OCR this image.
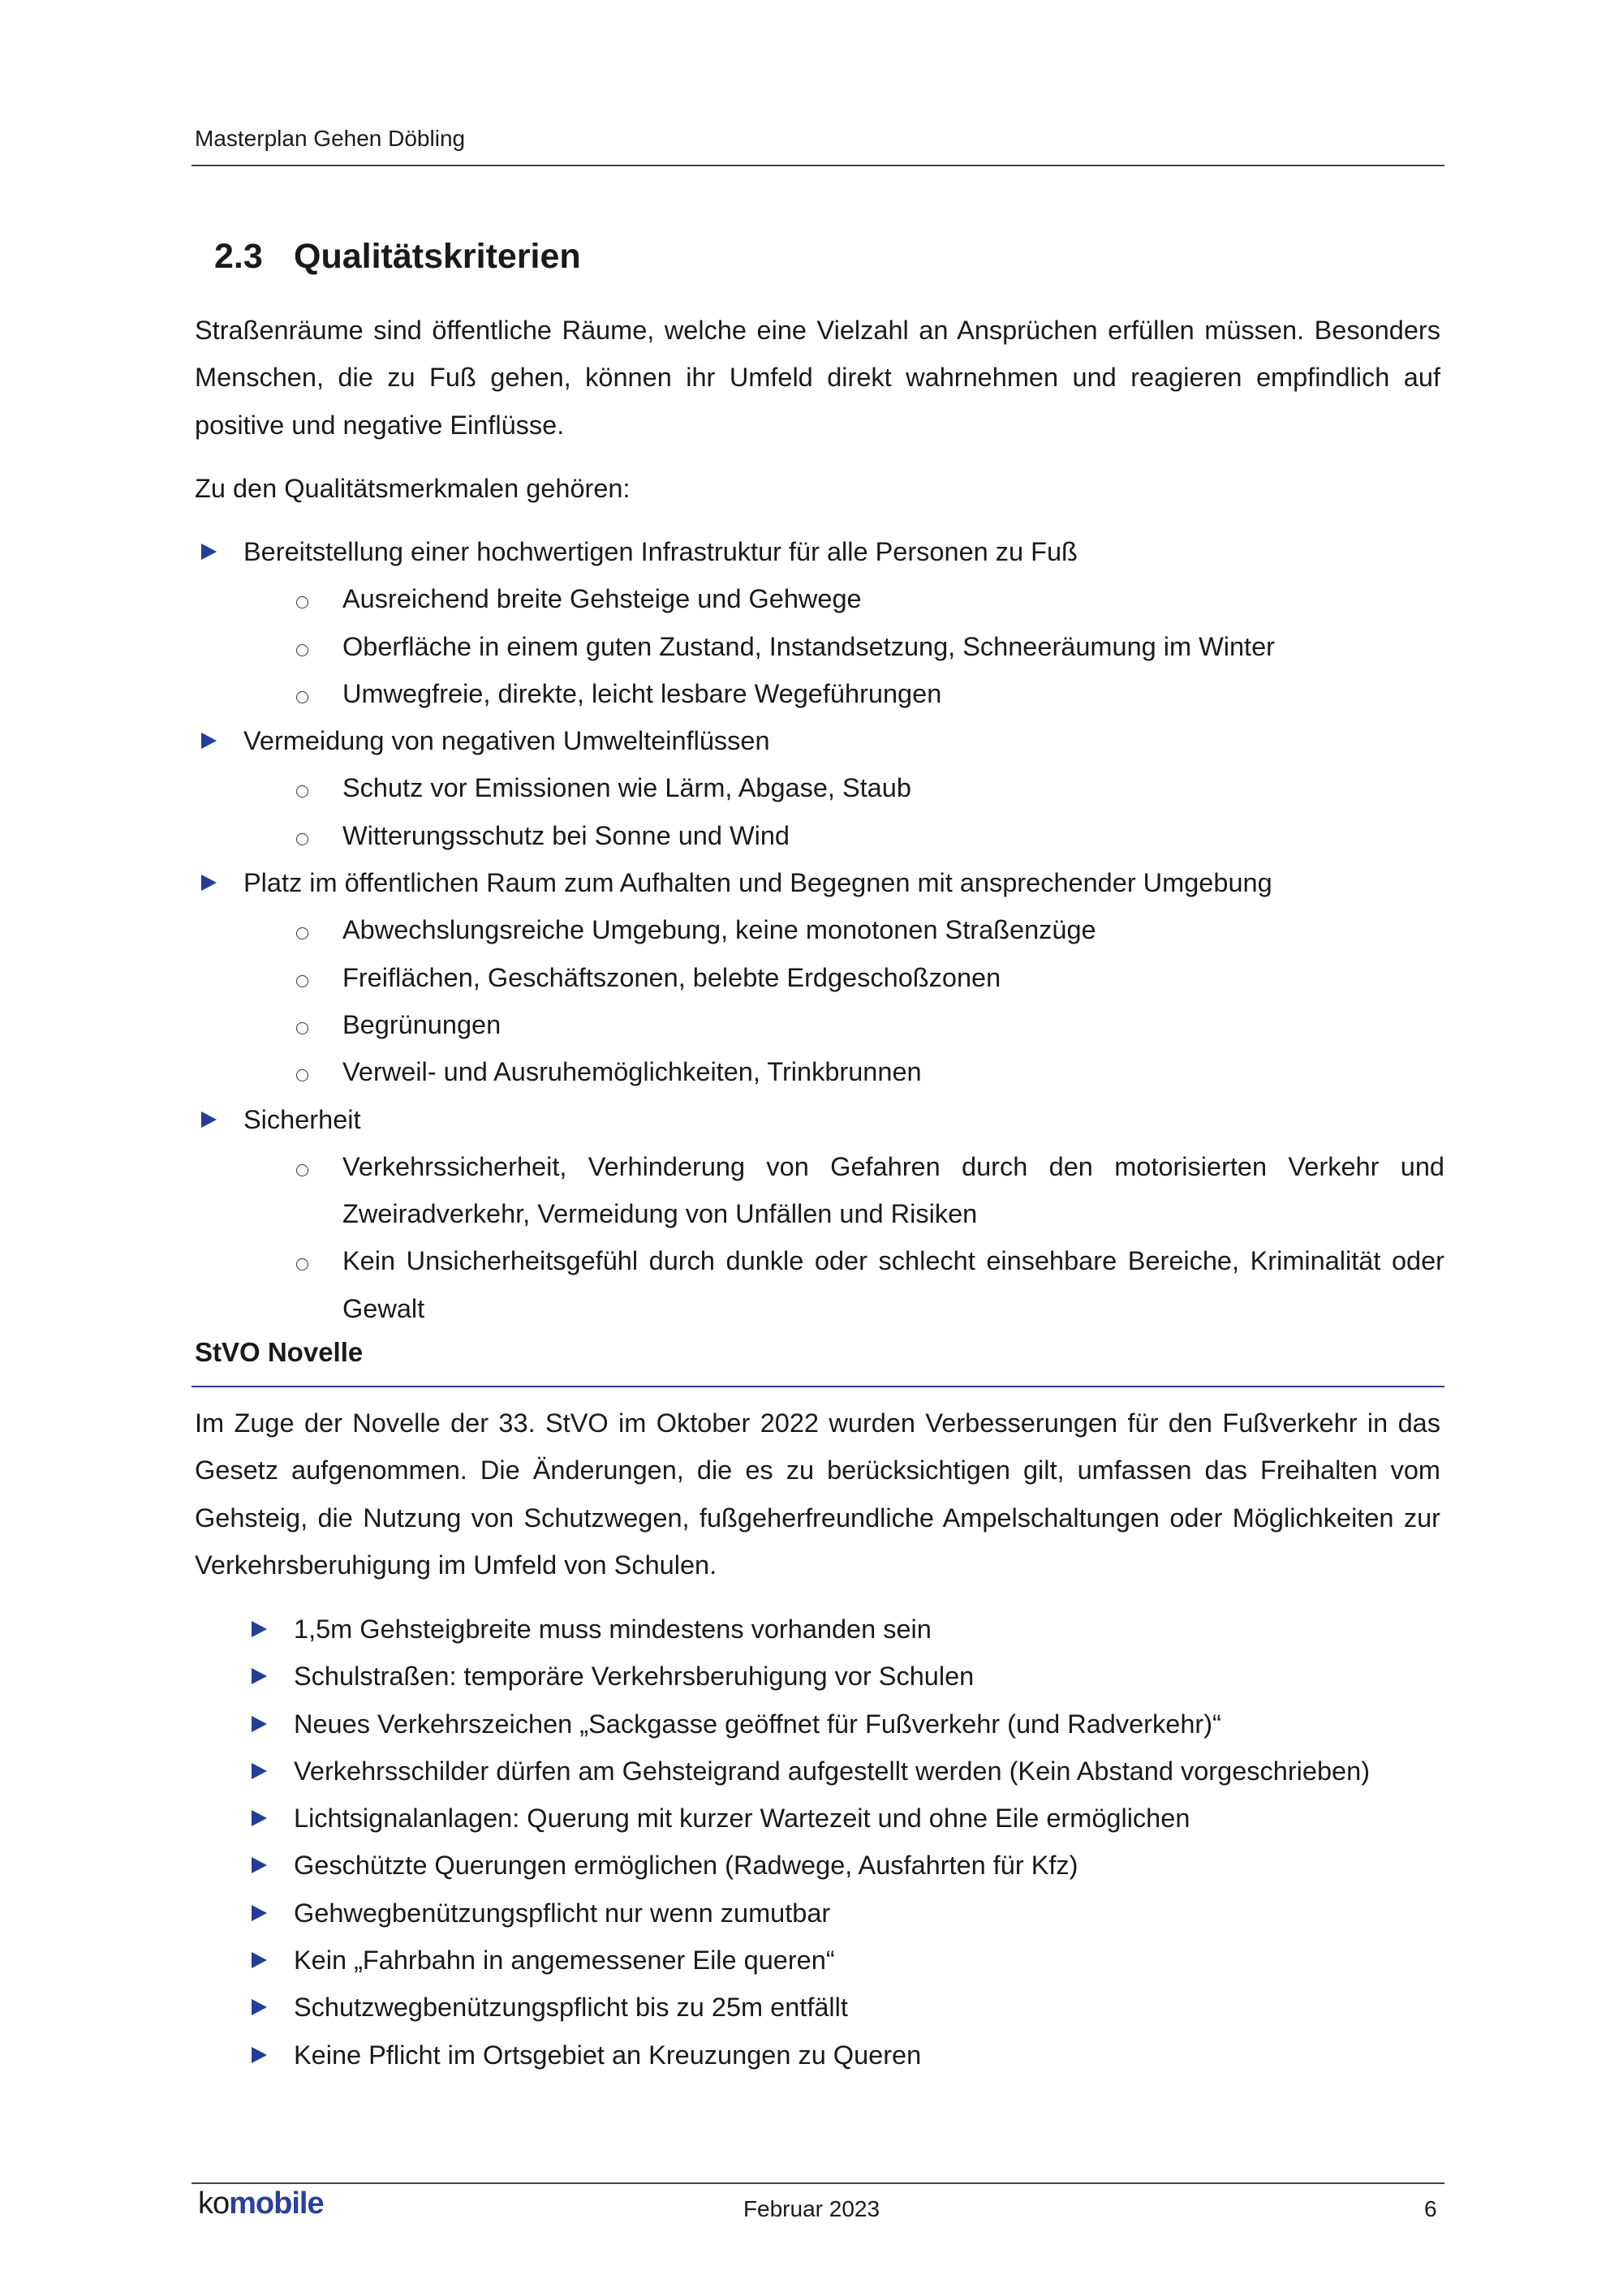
Masterplan Gehen Döbling
2.3 Qualitätskriterien
Straßenräume sind öffentliche Räume, welche eine Vielzahl an Ansprüchen erfüllen müssen. Besonders Menschen, die zu Fuß gehen, können ihr Umfeld direkt wahrnehmen und reagieren empfindlich auf positive und negative Einflüsse.
Zu den Qualitätsmerkmalen gehören:
Bereitstellung einer hochwertigen Infrastruktur für alle Personen zu Fuß
Ausreichend breite Gehsteige und Gehwege
Oberfläche in einem guten Zustand, Instandsetzung, Schneeräumung im Winter
Umwegfreie, direkte, leicht lesbare Wegeführungen
Vermeidung von negativen Umwelteinflüssen
Schutz vor Emissionen wie Lärm, Abgase, Staub
Witterungsschutz bei Sonne und Wind
Platz im öffentlichen Raum zum Aufhalten und Begegnen mit ansprechender Umgebung
Abwechslungsreiche Umgebung, keine monotonen Straßenzüge
Freiflächen, Geschäftszonen, belebte Erdgeschoßzonen
Begrünungen
Verweil- und Ausruhemöglichkeiten, Trinkbrunnen
Sicherheit
Verkehrssicherheit, Verhinderung von Gefahren durch den motorisierten Verkehr und Zweiradverkehr, Vermeidung von Unfällen und Risiken
Kein Unsicherheitsgefühl durch dunkle oder schlecht einsehbare Bereiche, Kriminalität oder Gewalt
StVO Novelle
Im Zuge der Novelle der 33. StVO im Oktober 2022 wurden Verbesserungen für den Fußverkehr in das Gesetz aufgenommen. Die Änderungen, die es zu berücksichtigen gilt, umfassen das Freihalten vom Gehsteig, die Nutzung von Schutzwegen, fußgeherfreundliche Ampelschaltungen oder Möglichkeiten zur Verkehrsberuhigung im Umfeld von Schulen.
1,5m Gehsteigbreite muss mindestens vorhanden sein
Schulstraßen: temporäre Verkehrsberuhigung vor Schulen
Neues Verkehrszeichen „Sackgasse geöffnet für Fußverkehr (und Radverkehr)“
Verkehrsschilder dürfen am Gehsteigrand aufgestellt werden (Kein Abstand vorgeschrieben)
Lichtsignalanlagen: Querung mit kurzer Wartezeit und ohne Eile ermöglichen
Geschützte Querungen ermöglichen (Radwege, Ausfahrten für Kfz)
Gehwegbenützungspflicht nur wenn zumutbar
Kein „Fahrbahn in angemessener Eile queren“
Schutzwegbenützungspflicht bis zu 25m entfällt
Keine Pflicht im Ortsgebiet an Kreuzungen zu Queren
komobile	Februar 2023	6
